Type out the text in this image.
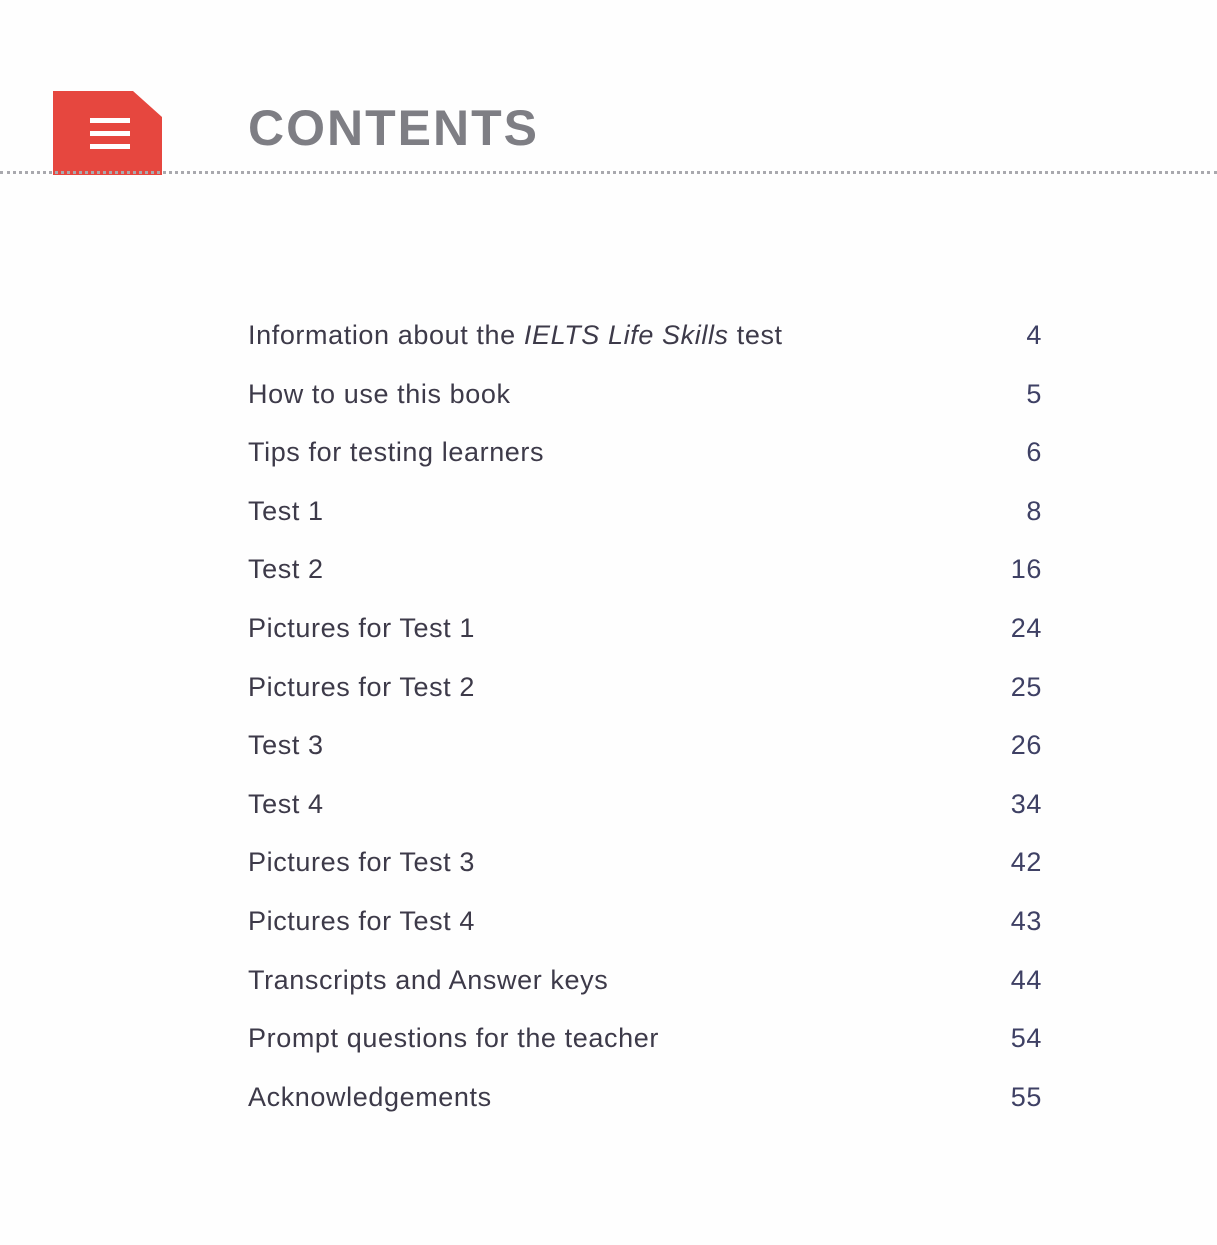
CONTENTS
Information about the IELTS Life Skills test	4
How to use this book	5
Tips for testing learners	6
Test 1	8
Test 2	16
Pictures for Test 1	24
Pictures for Test 2	25
Test 3	26
Test 4	34
Pictures for Test 3	42
Pictures for Test 4	43
Transcripts and Answer keys	44
Prompt questions for the teacher	54
Acknowledgements	55
